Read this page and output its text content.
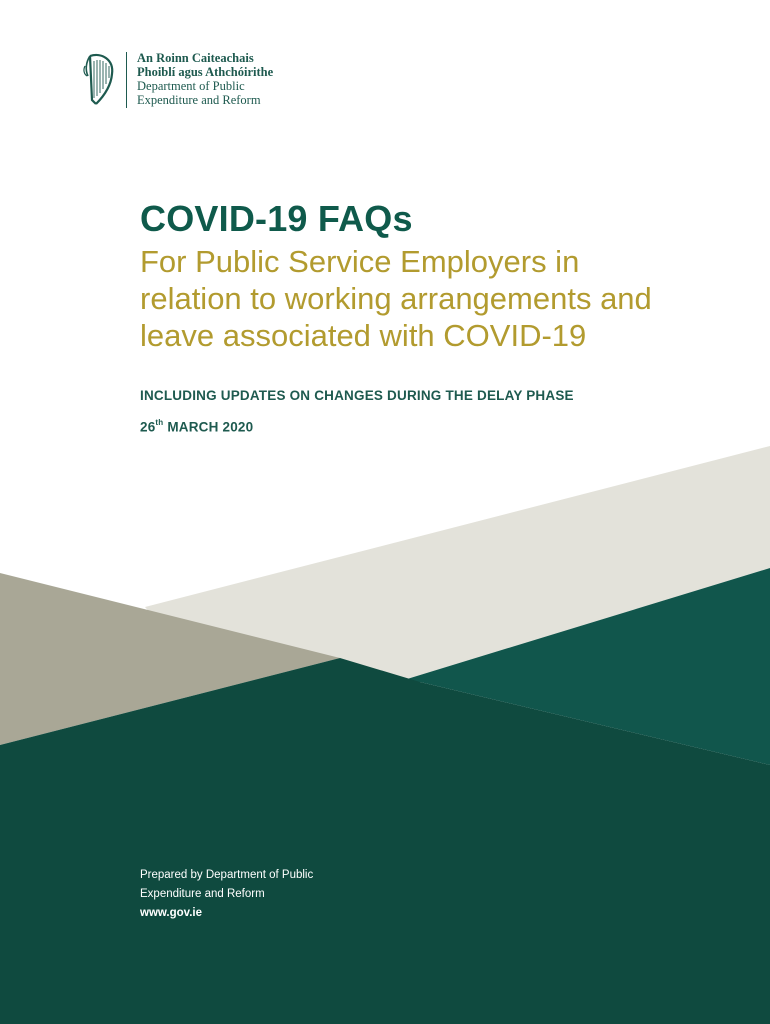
An Roinn Caiteachais
Phoiblí agus Athchóirithe
Department of Public
Expenditure and Reform
COVID-19 FAQs
For Public Service Employers in
relation to working arrangements and
leave associated with COVID-19
INCLUDING UPDATES ON CHANGES DURING THE DELAY PHASE
26th MARCH 2020
Prepared by Department of Public
Expenditure and Reform
www.gov.ie
